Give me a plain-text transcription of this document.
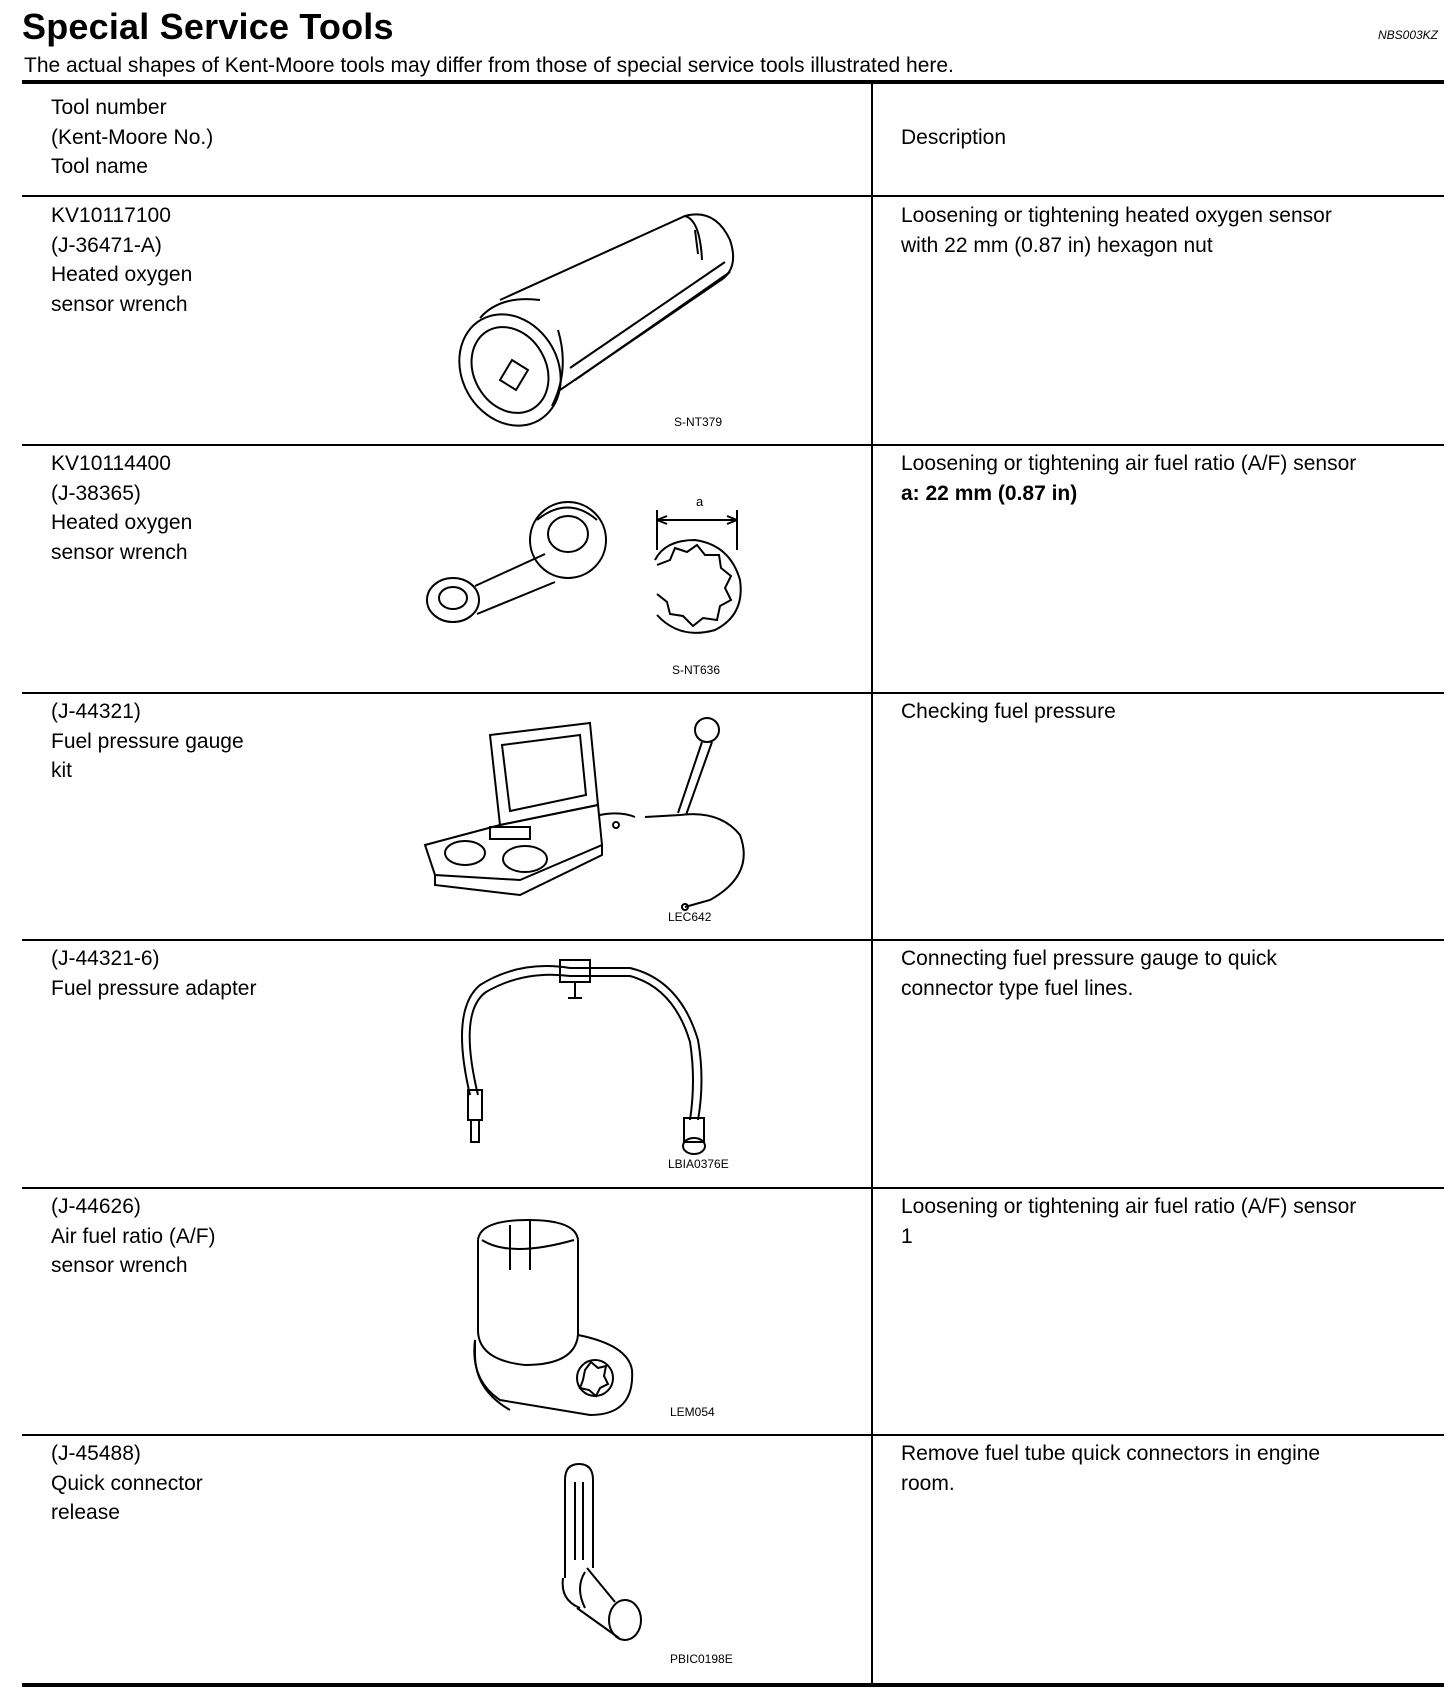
Special Service Tools	NBS003KZ
The actual shapes of Kent-Moore tools may differ from those of special service tools illustrated here.
Tool number
(Kent-Moore No.)
Tool name
Description
KV10117100
(J-36471-A)
Heated oxygen
sensor wrench
S-NT379
Loosening or tightening heated oxygen sensor
with 22 mm (0.87 in) hexagon nut
KV10114400
(J-38365)
Heated oxygen
sensor wrench
a
S-NT636
Loosening or tightening air fuel ratio (A/F) sensor
a: 22 mm (0.87 in)
(J-44321)
Fuel pressure gauge
kit
LEC642
Checking fuel pressure
(J-44321-6)
Fuel pressure adapter
LBIA0376E
Connecting fuel pressure gauge to quick
connector type fuel lines.
(J-44626)
Air fuel ratio (A/F)
sensor wrench
LEM054
Loosening or tightening air fuel ratio (A/F) sensor
1
(J-45488)
Quick connector
release
PBIC0198E
Remove fuel tube quick connectors in engine
room.
